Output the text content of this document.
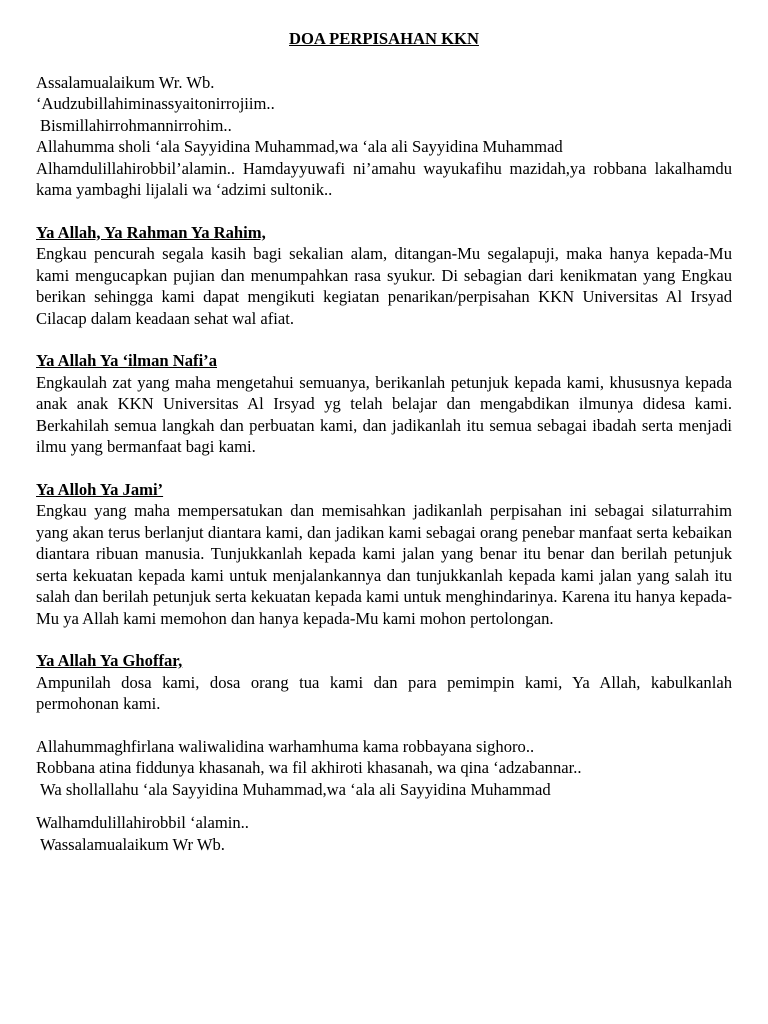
DOA PERPISAHAN KKN
Assalamualaikum Wr. Wb.
‘Audzubillahiminassyaitonirrojiim..
Bismillahirrohmannirrohim..
Allahumma sholi ‘ala Sayyidina Muhammad,wa ‘ala ali Sayyidina Muhammad

Alhamdulillahirobbil’alamin.. Hamdayyuwafi ni’amahu wayukafihu mazidah,ya robbana lakalhamdu kama yambaghi lijalali wa ‘adzimi sultonik..

Ya Allah, Ya Rahman Ya Rahim,

Engkau pencurah segala kasih bagi sekalian alam, ditangan-Mu segalapuji, maka hanya kepada-Mu kami mengucapkan pujian dan menumpahkan rasa syukur. Di sebagian dari kenikmatan yang Engkau berikan sehingga kami dapat mengikuti kegiatan penarikan/perpisahan KKN Universitas Al Irsyad Cilacap dalam keadaan sehat wal afiat.

Ya Allah Ya ‘ilman Nafi’a

Engkaulah zat yang maha mengetahui semuanya, berikanlah petunjuk kepada kami, khususnya kepada anak anak KKN Universitas Al Irsyad yg telah belajar dan mengabdikan ilmunya didesa kami. Berkahilah semua langkah dan perbuatan kami, dan jadikanlah itu semua sebagai ibadah serta menjadi ilmu yang bermanfaat bagi kami.

Ya Alloh Ya Jami’

Engkau yang maha mempersatukan dan memisahkan jadikanlah perpisahan ini sebagai silaturrahim yang akan terus berlanjut diantara kami, dan jadikan kami sebagai orang penebar manfaat serta kebaikan diantara ribuan manusia. Tunjukkanlah kepada kami jalan yang benar itu benar dan berilah petunjuk serta kekuatan kepada kami untuk menjalankannya dan tunjukkanlah kepada kami jalan yang salah itu salah dan berilah petunjuk serta kekuatan kepada kami untuk menghindarinya. Karena itu hanya kepada-Mu ya Allah kami memohon dan hanya kepada-Mu kami mohon pertolongan.

Ya Allah Ya Ghoffar,

Ampunilah dosa kami, dosa orang tua kami dan para pemimpin kami, Ya Allah, kabulkanlah permohonan kami.

Allahummaghfirlana waliwalidina warhamhuma kama robbayana sighoro..
Robbana atina fiddunya khasanah, wa fil akhiroti khasanah, wa qina ‘adzabannar..
Wa shollallahu ‘ala Sayyidina Muhammad,wa ‘ala ali Sayyidina Muhammad
Walhamdulillahirobbil ‘alamin..
Wassalamualaikum Wr Wb.
